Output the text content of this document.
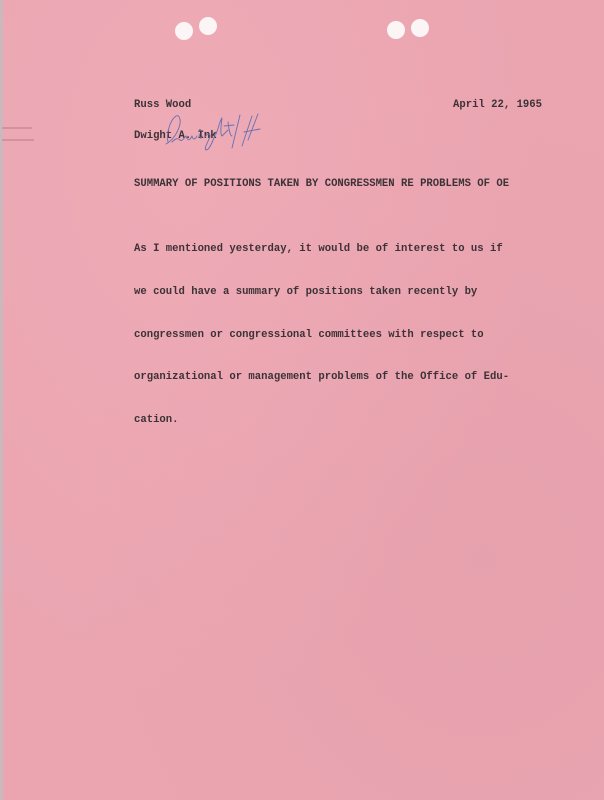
Russ Wood	April 22, 1965
Dwight A. Ink
SUMMARY OF POSITIONS TAKEN BY CONGRESSMEN RE PROBLEMS OF OE

As I mentioned yesterday, it would be of interest to us if

we could have a summary of positions taken recently by

congressmen or congressional committees with respect to

organizational or management problems of the Office of Edu-

cation.
